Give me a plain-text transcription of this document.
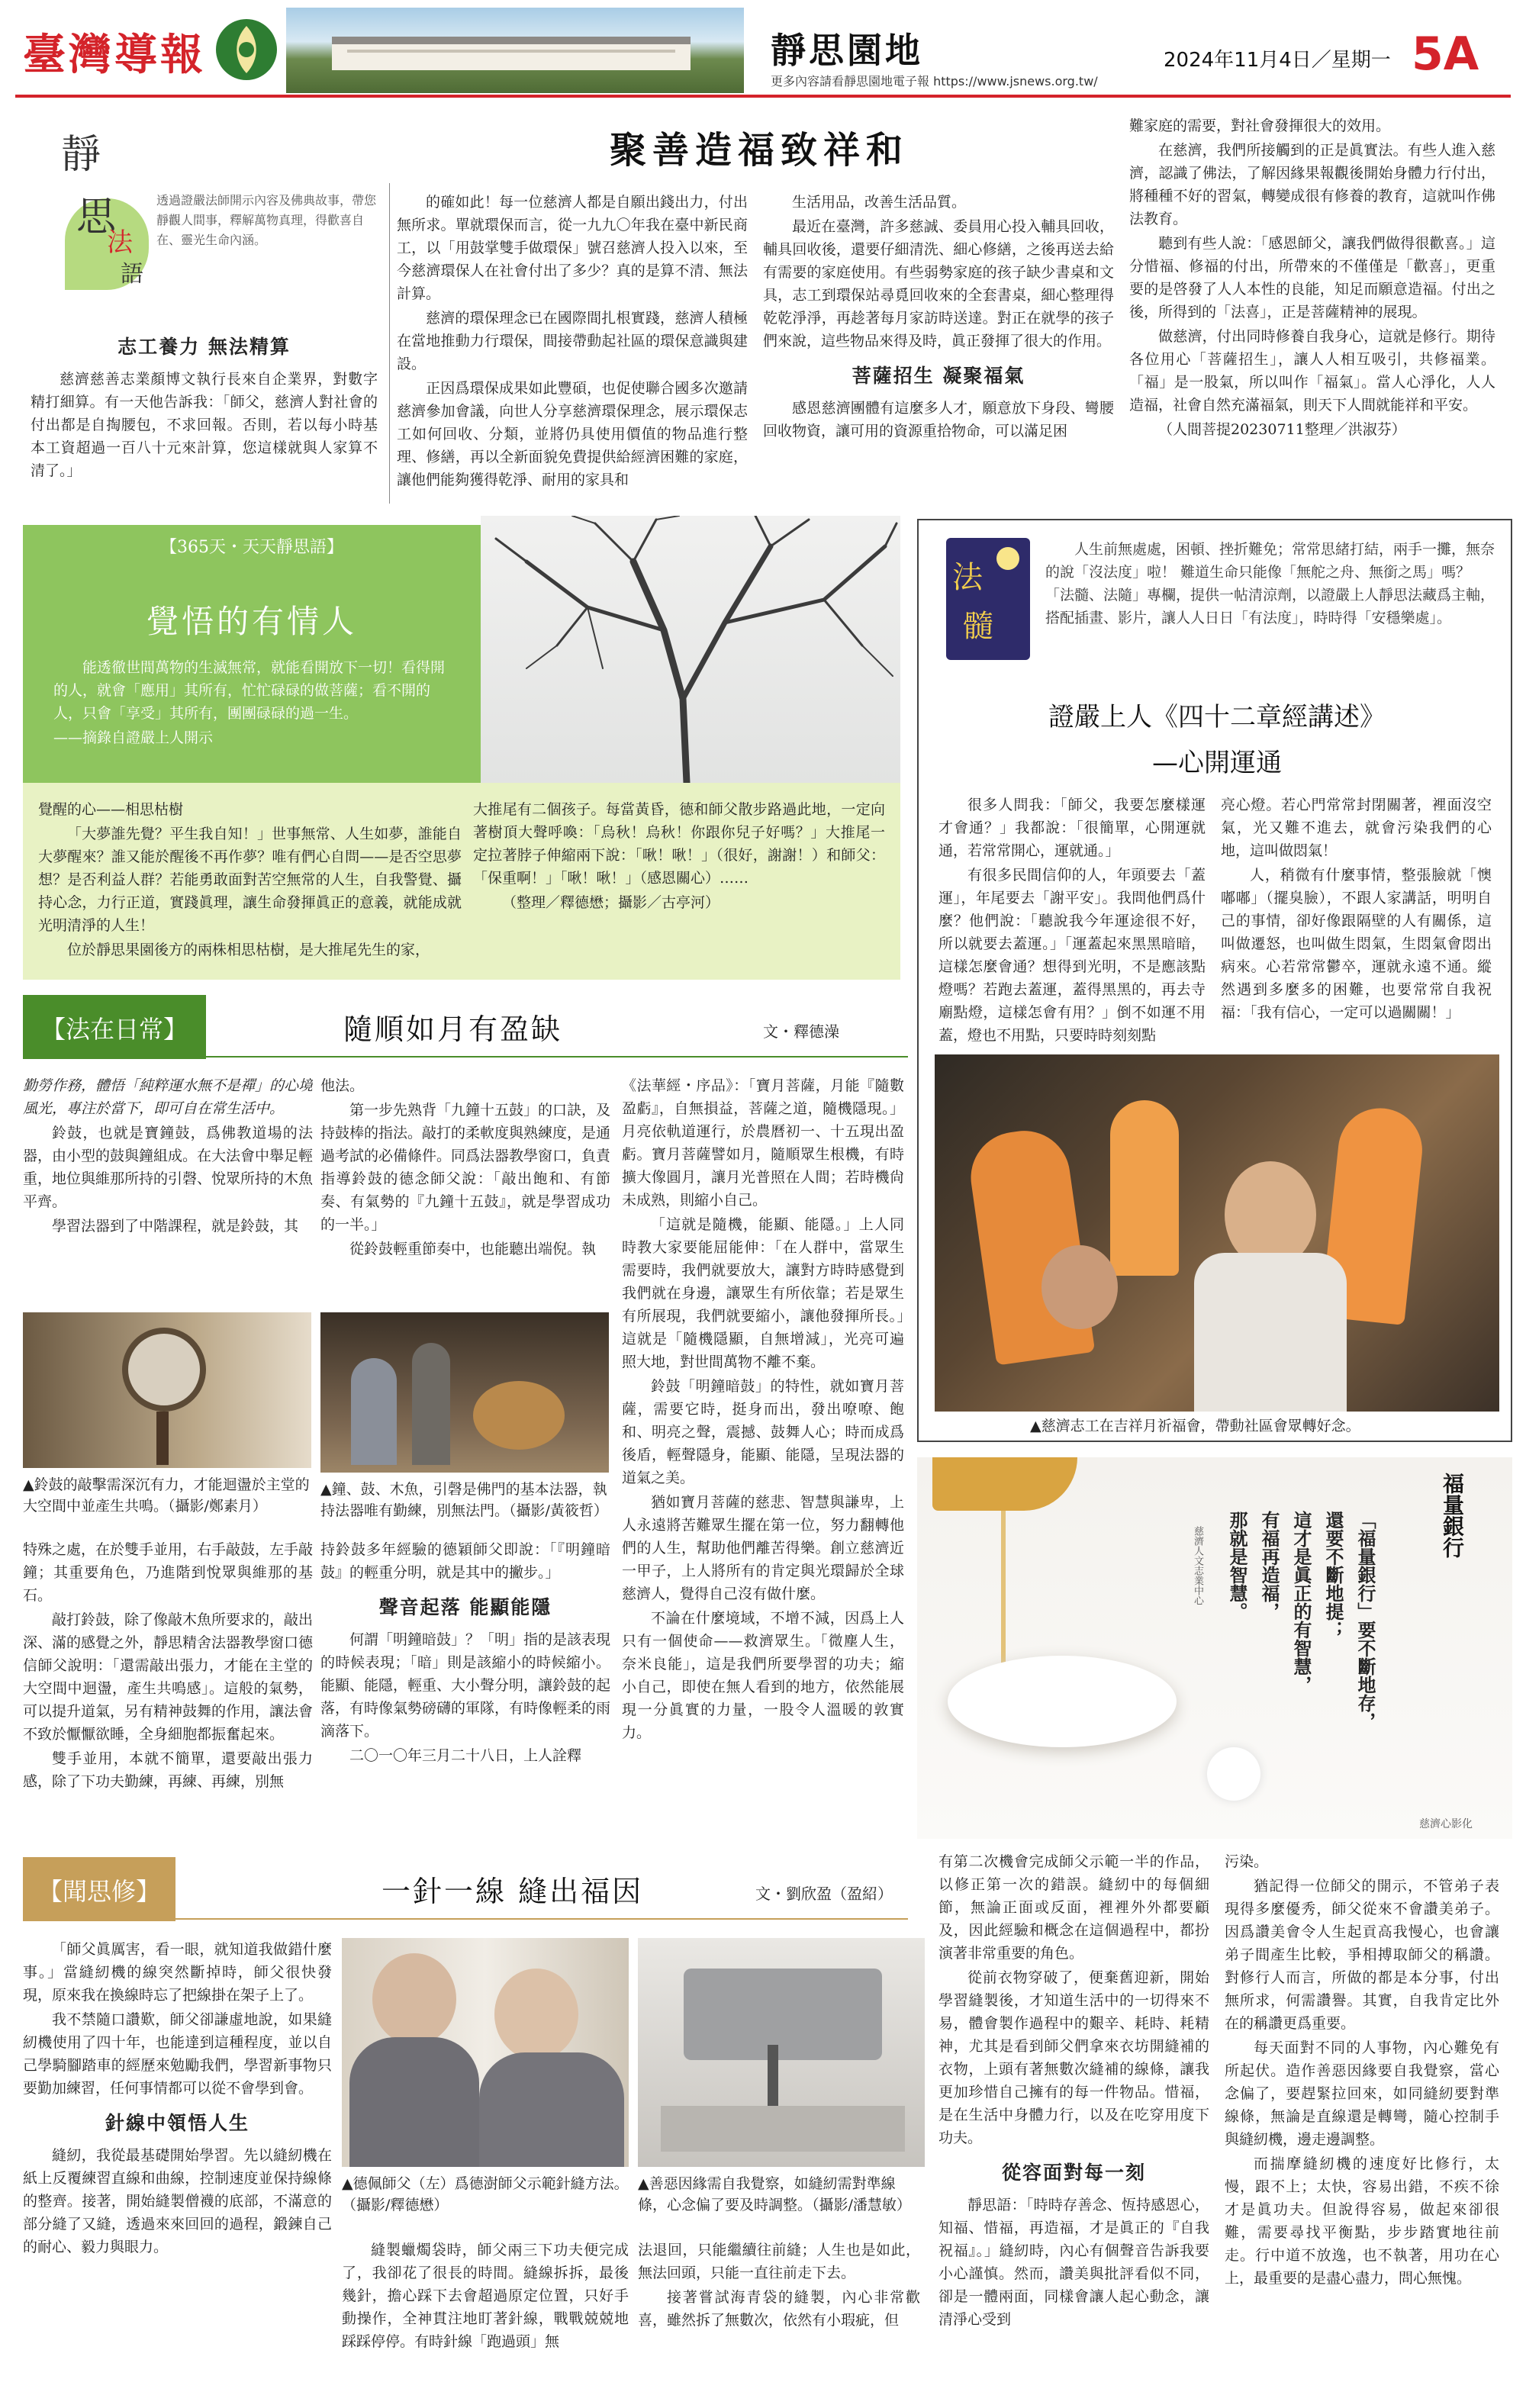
臺灣導報	靜思園地
更多內容請看靜思園地電子報 https://www.jsnews.org.tw/
2024年11月4日／星期一 5A
靜
思
法
語
透過證嚴法師開示內容及佛典故事，帶您靜觀人間事，釋解萬物真理，得歡喜自在、靈光生命內涵。
聚善造福致祥和
志工養力 無法精算

慈濟慈善志業顏博文執行長來自企業界，對數字精打細算。有一天他告訴我：「師父，慈濟人對社會的付出都是自掏腰包，不求回報。否則，若以每小時基本工資超過一百八十元來計算，您這樣就與人家算不清了。」

的確如此！每一位慈濟人都是自願出錢出力，付出無所求。單就環保而言，從一九九〇年我在臺中新民商工，以「用鼓掌雙手做環保」號召慈濟人投入以來，至今慈濟環保人在社會付出了多少？真的是算不清、無法計算。

慈濟的環保理念已在國際間扎根實踐，慈濟人積極在當地推動力行環保，間接帶動起社區的環保意識與建設。

正因爲環保成果如此豐碩，也促使聯合國多次邀請慈濟參加會議，向世人分享慈濟環保理念，展示環保志工如何回收、分類，並將仍具使用價值的物品進行整理、修繕，再以全新面貌免費提供給經濟困難的家庭，讓他們能夠獲得乾淨、耐用的家具和

生活用品，改善生活品質。

最近在臺灣，許多慈誠、委員用心投入輔具回收，輔具回收後，還要仔細清洗、細心修繕，之後再送去給有需要的家庭使用。有些弱勢家庭的孩子缺少書桌和文具，志工到環保站尋覓回收來的全套書桌，細心整理得乾乾淨淨，再趁著每月家訪時送達。對正在就學的孩子們來說，這些物品來得及時，眞正發揮了很大的作用。

菩薩招生 凝聚福氣

感恩慈濟團體有這麼多人才，願意放下身段、彎腰回收物資，讓可用的資源重拾物命，可以滿足困

難家庭的需要，對社會發揮很大的效用。

在慈濟，我們所接觸到的正是眞實法。有些人進入慈濟，認識了佛法，了解因緣果報觀後開始身體力行付出，將種種不好的習氣，轉變成很有修養的教育，這就叫作佛法教育。

聽到有些人說：「感恩師父，讓我們做得很歡喜。」這分惜福、修福的付出，所帶來的不僅僅是「歡喜」，更重要的是啓發了人人本性的良能，知足而願意造福。付出之後，所得到的「法喜」，正是菩薩精神的展現。

做慈濟，付出同時修養自我身心，這就是修行。期待各位用心「菩薩招生」，讓人人相互吸引，共修福業。「福」是一股氣，所以叫作「福氣」。當人心淨化，人人造福，社會自然充滿福氣，則天下人間就能祥和平安。

（人間菩提20230711整理／洪淑芬）

【365天・天天靜思語】
覺悟的有情人
能透徹世間萬物的生滅無常，就能看開放下一切！看得開的人，就會「應用」其所有，忙忙碌碌的做菩薩；看不開的人，只會「享受」其所有，團團碌碌的過一生。
——摘錄自證嚴上人開示

覺醒的心——相思枯樹

「大夢誰先覺？平生我自知！」世事無常、人生如夢，誰能自大夢醒來？誰又能於醒後不再作夢？唯有們心自問——是否空思夢想？是否利益人群？若能勇敢面對苦空無常的人生，自我警覺、攝持心念，力行正道，實踐眞理，讓生命發揮眞正的意義，就能成就光明清淨的人生！

位於靜思果園後方的兩株相思枯樹，是大推尾先生的家，

大推尾有二個孩子。每當黃昏，德和師父散步路過此地，一定向著樹頂大聲呼喚：「烏秋！烏秋！你跟你兒子好嗎？」大推尾一定拉著脖子伸縮兩下說：「啾！啾！」（很好，謝謝！）和師父：「保重啊！」「啾！啾！」（感恩關心）……

（整理／釋德懋；攝影／古亭河）

法
髓
人生前無處處，困頓、挫折難免；常常思緒打結，兩手一攤，無奈的說「沒法度」啦！ 難道生命只能像「無舵之舟、無銜之馬」嗎？「法髓、法隨」專欄，提供一帖清涼劑，以證嚴上人靜思法藏爲主軸，搭配插畫、影片，讓人人日日「有法度」，時時得「安穩樂處」。
證嚴上人《四十二章經講述》
—心開運通

很多人問我：「師父，我要怎麼樣運才會通？」我都說：「很簡單，心開運就通，若常常開心，運就通。」

有很多民間信仰的人，年頭要去「蓋運」，年尾要去「謝平安」。我問他們爲什麼？他們說：「聽說我今年運途很不好，所以就要去蓋運。」「運蓋起來黑黑暗暗，這樣怎麼會通？想得到光明，不是應該點燈嗎？若跑去蓋運，蓋得黑黑的，再去寺廟點燈，這樣怎會有用？」倒不如運不用蓋，燈也不用點，只要時時刻刻點

亮心燈。若心門常常封閉關著，裡面沒空氣，光又難不進去，就會污染我們的心地，這叫做悶氣！

人，稍微有什麼事情，整張臉就「懊嘟嘟」（擺臭臉），不跟人家講話，明明自己的事情，卻好像跟隔壁的人有關係，這叫做遷怒，也叫做生悶氣，生悶氣會悶出病來。心若常常鬱卒，運就永遠不通。縱然遇到多麼多的困難，也要常常自我祝福：「我有信心，一定可以過關關！」

▲慈濟志工在吉祥月祈福會，帶動社區會眾轉好念。
【法在日常】	隨順如月有盈缺	文・釋德澡

勤勞作務，體悟「純粹運水無不是禪」的心境風光，專注於當下，即可自在常生活中。

鈴鼓，也就是寶鐘鼓，爲佛教道場的法器，由小型的鼓與鐘組成。在大法會中舉足輕重，地位與維那所持的引磬、悅眾所持的木魚平齊。

學習法器到了中階課程，就是鈴鼓，其

▲鈴鼓的敲擊需深沉有力，才能迴盪於主堂的大空間中並產生共鳴。（攝影/鄭素月）

特殊之處，在於雙手並用，右手敲鼓，左手敲鐘；其重要角色，乃進階到悅眾與維那的基石。

敲打鈴鼓，除了像敲木魚所要求的，敲出深、滿的感覺之外，靜思精舍法器教學窗口德信師父說明：「還需敲出張力，才能在主堂的大空間中迴盪，產生共鳴感」。這般的氣勢，可以提升道氣，另有精神鼓舞的作用，讓法會不致於懨懨欲睡，全身細胞都振奮起來。

雙手並用，本就不簡單，還要敲出張力感，除了下功夫勤練，再練、再練，別無

他法。

第一步先熟背「九鐘十五鼓」的口訣，及持鼓棒的指法。敲打的柔軟度與熟練度，是通過考試的必備條件。同爲法器教學窗口，負責指導鈴鼓的德念師父說：「敲出飽和、有節奏、有氣勢的『九鐘十五鼓』，就是學習成功的一半。」

從鈴鼓輕重節奏中，也能聽出端倪。執

▲鐘、鼓、木魚，引磬是佛門的基本法器，執持法器唯有勤練，別無法門。（攝影/黃筱哲）

持鈴鼓多年經驗的德穎師父即說：「『明鐘暗鼓』的輕重分明，就是其中的撇步。」

聲音起落 能顯能隱

何謂「明鐘暗鼓」？「明」指的是該表現的時候表現；「暗」則是該縮小的時候縮小。能顯、能隱，輕重、大小聲分明，讓鈴鼓的起落，有時像氣勢磅礴的軍隊，有時像輕柔的雨滴落下。

二〇一〇年三月二十八日，上人詮釋

《法華經・序品》：「寶月菩薩，月能『隨數盈虧』，自無損益，菩薩之道，隨機隱現。」月亮依軌道運行，於農曆初一、十五現出盈虧。寶月菩薩譬如月，隨順眾生根機，有時擴大像圓月，讓月光普照在人間；若時機尙未成熟，則縮小自己。

「這就是隨機，能顯、能隱。」上人同時教大家要能屈能伸：「在人群中，當眾生需要時，我們就要放大，讓對方時時感覺到我們就在身邊，讓眾生有所依靠；若是眾生有所展現，我們就要縮小，讓他發揮所長。」這就是「隨機隱顯，自無增減」，光亮可遍照大地，對世間萬物不離不棄。

鈴鼓「明鐘暗鼓」的特性，就如寶月菩薩，需要它時，挺身而出，發出嘹嘹、飽和、明亮之聲，震撼、鼓舞人心；時而成爲後盾，輕聲隱身，能顯、能隱，呈現法器的道氣之美。

猶如寶月菩薩的慈悲、智慧與謙卑，上人永遠將苦難眾生擺在第一位，努力翻轉他們的人生，幫助他們離苦得樂。創立慈濟近一甲子，上人將所有的肯定與光環歸於全球慈濟人，覺得自己沒有做什麼。

不論在什麼境域，不增不減，因爲上人只有一個使命——救濟眾生。「微塵人生，奈米良能」，這是我們所要學習的功夫；縮小自己，即使在無人看到的地方，依然能展現一分眞實的力量，一股令人溫暖的敦實力。

福量銀行
「福量銀行」要不斷地存，
還要不斷地提；
這才是眞正的有智慧，
有福再造福，
那就是智慧。
慈濟人文志業中心
慈濟心影化
【聞思修】	一針一線 縫出福因	文・劉欣盈（盈紹）

「師父眞厲害，看一眼，就知道我做錯什麼事。」當縫紉機的線突然斷掉時，師父很快發現，原來我在換線時忘了把線掛在架子上了。

我不禁隨口讚歎，師父卻謙虛地說，如果縫紉機使用了四十年，也能達到這種程度，並以自己學騎腳踏車的經歷來勉勵我們，學習新事物只要勤加練習，任何事情都可以從不會學到會。

針線中領悟人生

縫紉，我從最基礎開始學習。先以縫紉機在紙上反覆練習直線和曲線，控制速度並保持線條的整齊。接著，開始縫製僧襪的底部，不滿意的部分縫了又縫，透過來來回回的過程，鍛鍊自己的耐心、毅力與眼力。

▲德佩師父（左）爲德澍師父示範針縫方法。（攝影/釋德懋）

縫製蠟燭袋時，師父兩三下功夫便完成了，我卻花了很長的時間。縫線拆拆，最後幾針，擔心踩下去會超過原定位置，只好手動操作，全神貫注地盯著針線，戰戰兢兢地踩踩停停。有時針線「跑過頭」無

▲善惡因緣需自我覺察，如縫紉需對準線條，心念偏了要及時調整。（攝影/潘慧敏）

法退回，只能繼續往前縫；人生也是如此，無法回頭，只能一直往前走下去。

接著嘗試海青袋的縫製，內心非常歡喜，雖然拆了無數次，依然有小瑕疵，但

有第二次機會完成師父示範一半的作品，以修正第一次的錯誤。縫紉中的每個細節，無論正面或反面，裡裡外外都要顧及，因此經驗和概念在這個過程中，都扮演著非常重要的角色。

從前衣物穿破了，便棄舊迎新，開始學習縫製後，才知道生活中的一切得來不易，體會製作過程中的艱辛、耗時、耗精神，尤其是看到師父們拿來衣坊開縫補的衣物，上頭有著無數次縫補的線條，讓我更加珍惜自己擁有的每一件物品。惜福，是在生活中身體力行，以及在吃穿用度下功夫。

從容面對每一刻

靜思語：「時時存善念、恆持感恩心，知福、惜福，再造福，才是眞正的『自我祝福』。」縫紉時，內心有個聲音告訴我要小心謹慎。然而，讚美與批評看似不同，卻是一體兩面，同樣會讓人起心動念，讓清淨心受到

污染。

猶記得一位師父的開示，不管弟子表現得多麼優秀，師父從來不會讚美弟子。因爲讚美會令人生起貢高我慢心，也會讓弟子間產生比較，爭相搏取師父的稱讚。對修行人而言，所做的都是本分事，付出無所求，何需讚譽。其實，自我肯定比外在的稱讚更爲重要。

每天面對不同的人事物，內心難免有所起伏。造作善惡因緣要自我覺察，當心念偏了，要趕緊拉回來，如同縫紉要對準線條，無論是直線還是轉彎，隨心控制手與縫紉機，邊走邊調整。

而揣摩縫紉機的速度好比修行，太慢，跟不上；太快，容易出錯，不疾不徐才是眞功夫。但說得容易，做起來卻很難，需要尋找平衡點，步步踏實地往前走。行中道不放逸，也不執著，用功在心上，最重要的是盡心盡力，問心無愧。
